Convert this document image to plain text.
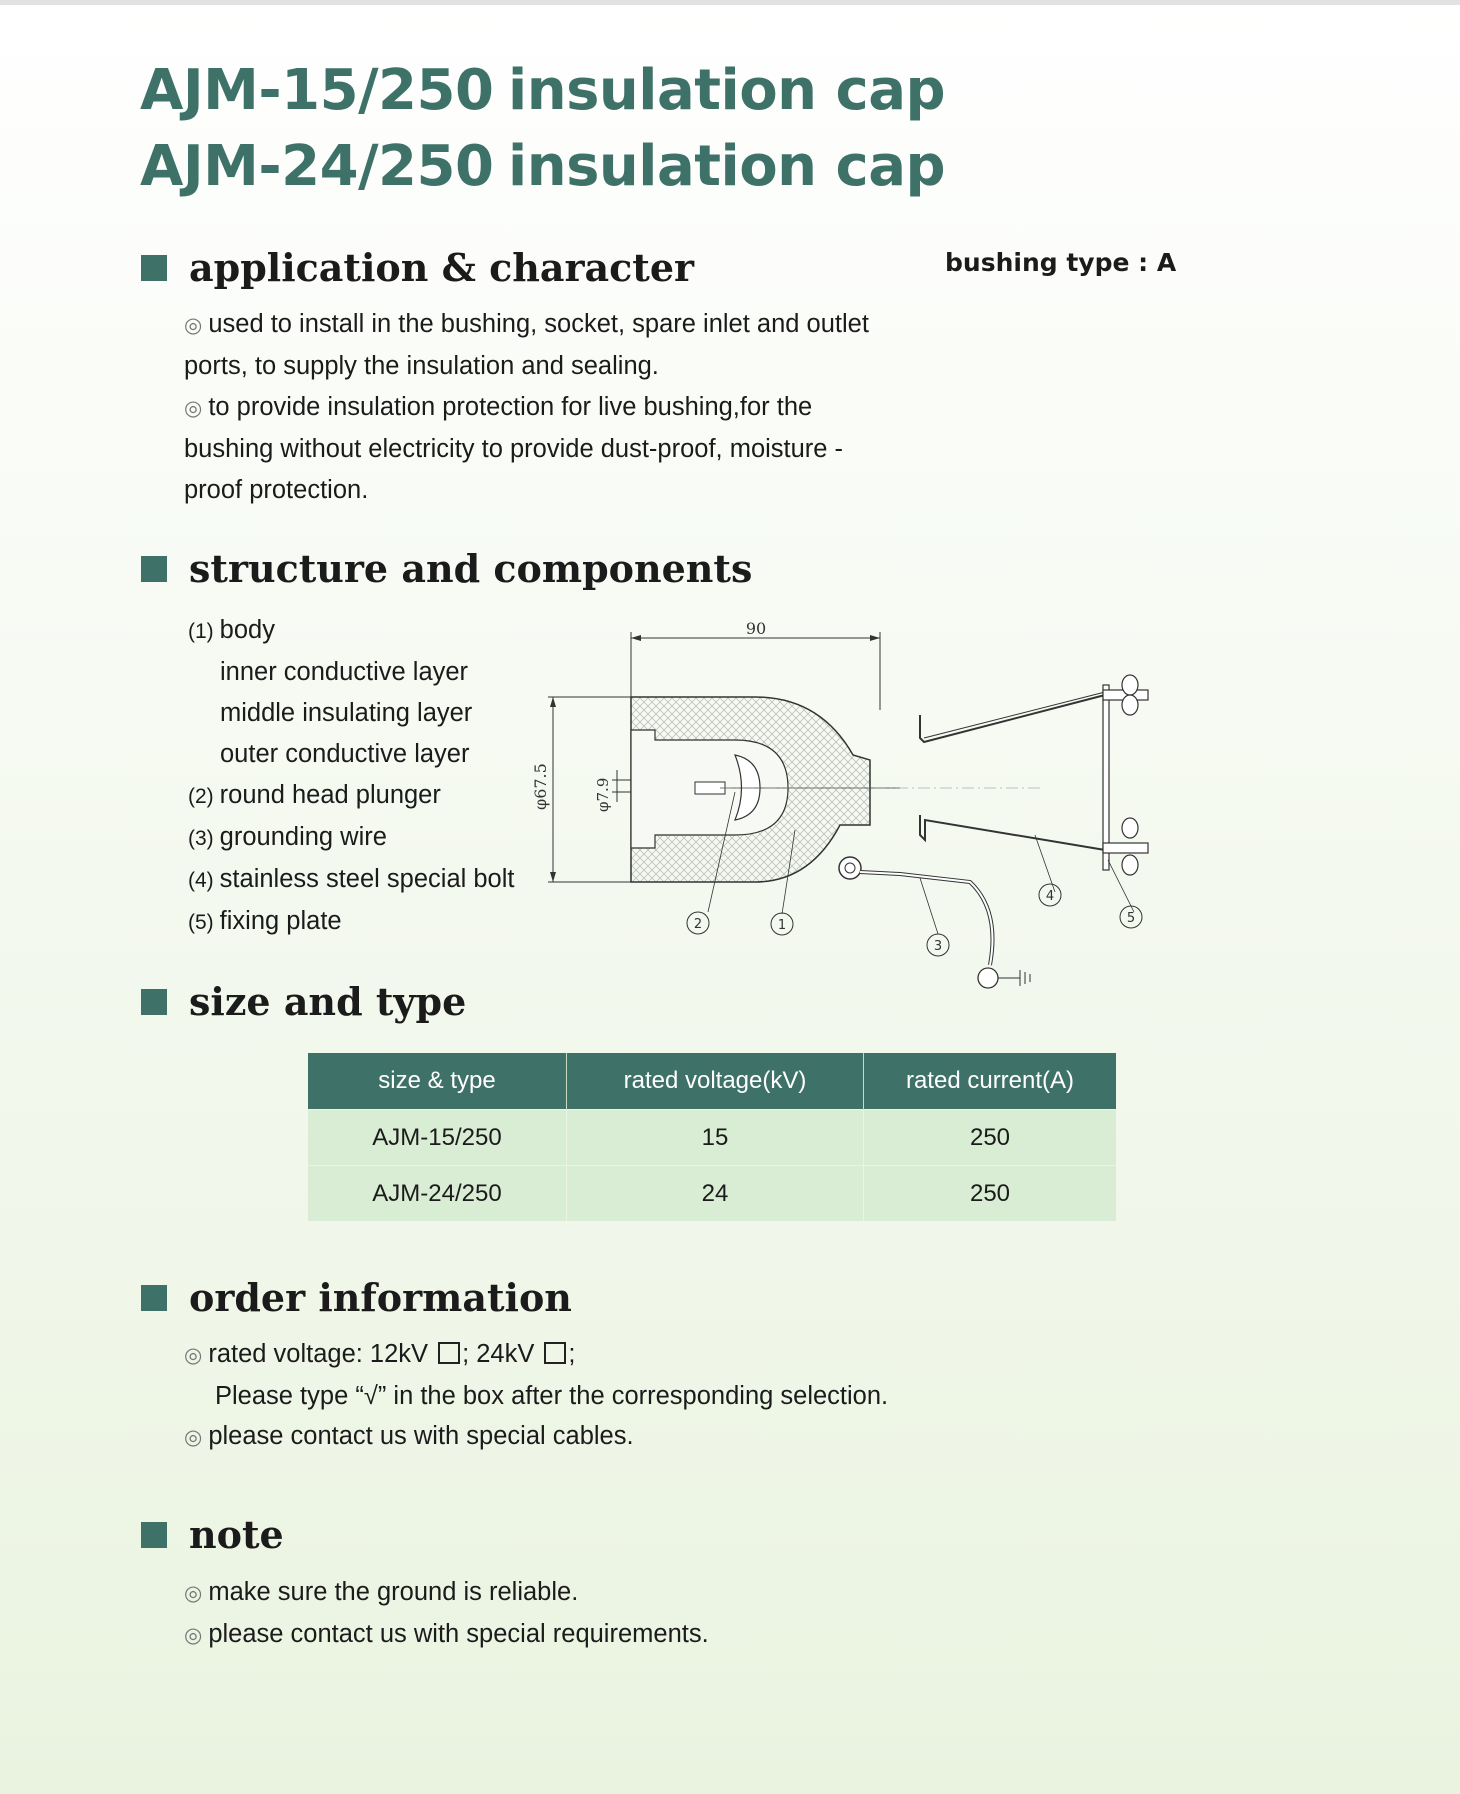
AJM-15/250 insulation cap
AJM-24/250 insulation cap
application & character	bushing type : A
◎ used to install in the bushing, socket, spare inlet and outlet ports, to supply the insulation and sealing.
◎ to provide insulation protection for live bushing,for the bushing without electricity to provide dust-proof, moisture -proof protection.
structure and components
(1) body
inner conductive layer
middle insulating layer
outer conductive layer
(2) round head plunger
(3) grounding wire
(4) stainless steel special bolt
(5) fixing plate
90
φ67.5	φ7.9
1
2
3
4
5
size and type
size & type	rated voltage(kV)	rated current(A)
AJM-15/250	15	250
AJM-24/250	24	250
order information
◎ rated voltage: 12kV ; 24kV ;
Please type “√” in the box after the corresponding selection.
◎ please contact us with special cables.
note
◎ make sure the ground is reliable.
◎ please contact us with special requirements.
